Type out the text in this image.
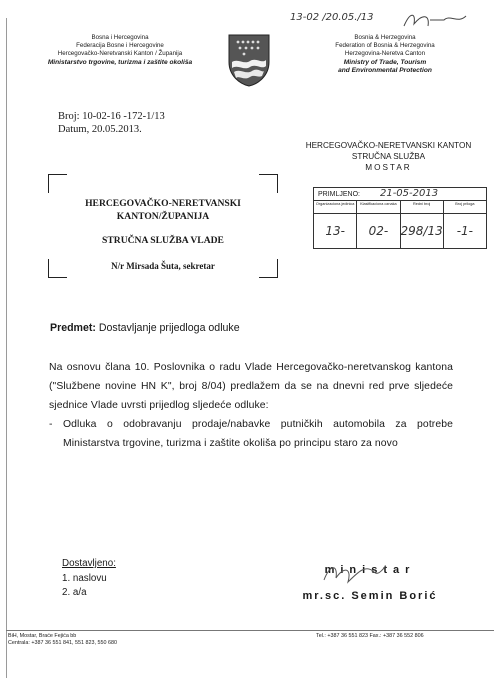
13-02 /20.05./13
Bosna i Hercegovina
Federacija Bosne i Hercegovine
Hercegovačko-Neretvanski Kanton / Županija
Ministarstvo trgovine, turizma i zaštite okoliša
Bosnia & Herzegovina
Federation of Bosnia & Herzegovina
Herzegovina-Neretva Canton
Ministry of Trade, Tourism
and Environmental Protection
Broj: 10-02-16 -172-1/13
Datum, 20.05.2013.
HERCEGOVAČKO-NERETVANSKI KANTON
STRUČNA SLUŽBA
MOSTAR
HERCEGOVAČKO-NERETVANSKI
KANTON/ŽUPANIJA
STRUČNA SLUŽBA VLADE
N/r Mirsada Šuta, sekretar
PRIMLJENO: 21-05-2013
Organizaciona jedinica	Klasifikaciona oznaka	Redni broj	Broj priloga
13-	02-	298/13	-1-
Predmet: Dostavljanje prijedloga odluke

Na osnovu člana 10. Poslovnika o radu Vlade Hercegovačko-neretvanskog kantona ("Službene novine HN K", broj 8/04) predlažem da se na dnevni red prve sljedeće sjednice Vlade uvrsti prijedlog sljedeće odluke:

-	Odluka o odobravanju prodaje/nabavke putničkih automobila za potrebe Ministarstva trgovine, turizma i zaštite okoliša po principu staro za novo
Dostavljeno:
1. naslovu
2. a/a
ministar
mr.sc. Semin Borić
BiH, Mostar, Braće Fejića bb
Centrala: +387 36 551 841, 551 823, 550 680
Tel.: +387 36 551 823 Fax.: +387 36 552 806
